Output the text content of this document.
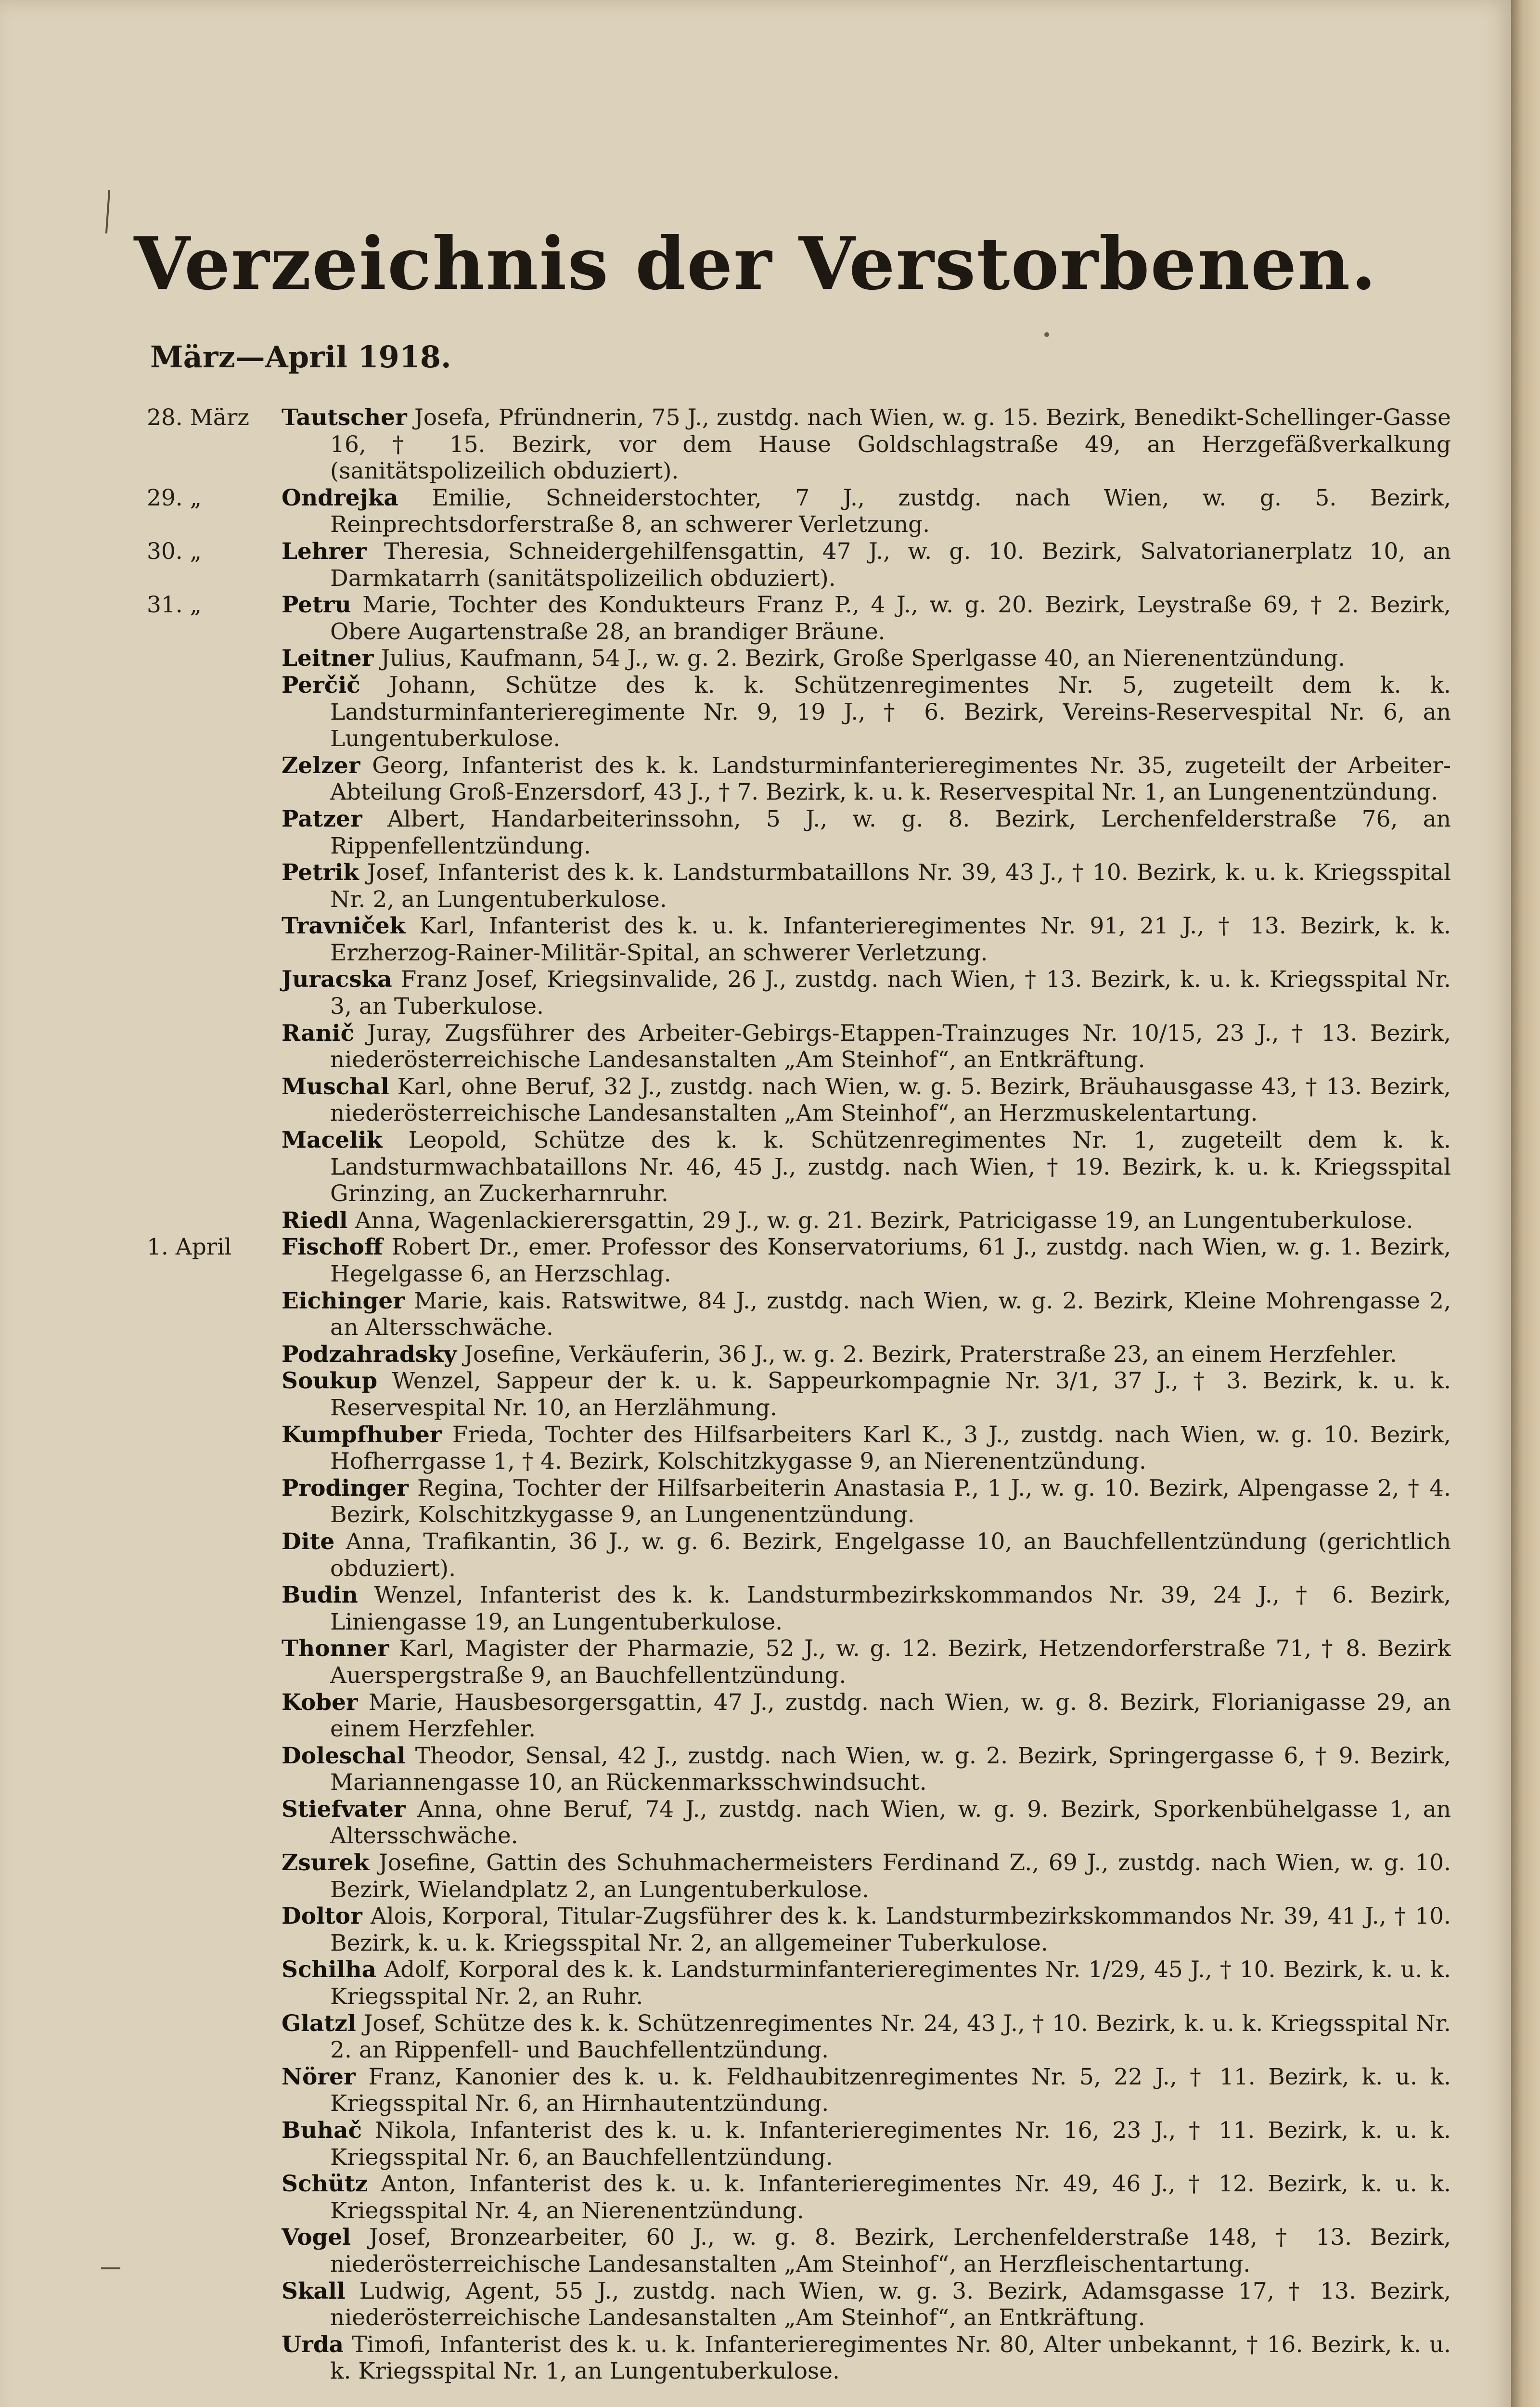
Verzeichnis der Verstorbenen.
März—April 1918.
28. März	Tautscher Josefa, Pfründnerin, 75 J., zustdg. nach Wien, w. g. 15. Bezirk, Benedikt-Schellinger-Gasse 16, † 15. Bezirk, vor dem Hause Goldschlagstraße 49, an Herzgefäßverkalkung (sanitätspolizeilich obduziert).
29. „	Ondrejka Emilie, Schneiderstochter, 7 J., zustdg. nach Wien, w. g. 5. Bezirk, Reinprechtsdorferstraße 8, an schwerer Verletzung.
30. „	Lehrer Theresia, Schneidergehilfensgattin, 47 J., w. g. 10. Bezirk, Salvatorianerplatz 10, an Darmkatarrh (sanitätspolizeilich obduziert).
31. „	Petru Marie, Tochter des Kondukteurs Franz P., 4 J., w. g. 20. Bezirk, Leystraße 69, † 2. Bezirk, Obere Augartenstraße 28, an brandiger Bräune.
Leitner Julius, Kaufmann, 54 J., w. g. 2. Bezirk, Große Sperlgasse 40, an Nierenentzündung.
Perčič Johann, Schütze des k. k. Schützenregimentes Nr. 5, zugeteilt dem k. k. Landsturminfanterieregimente Nr. 9, 19 J., † 6. Bezirk, Vereins-Reservespital Nr. 6, an Lungentuberkulose.
Zelzer Georg, Infanterist des k. k. Landsturminfanterieregimentes Nr. 35, zugeteilt der Arbeiter-Abteilung Groß-Enzersdorf, 43 J., † 7. Bezirk, k. u. k. Reservespital Nr. 1, an Lungenentzündung.
Patzer Albert, Handarbeiterinssohn, 5 J., w. g. 8. Bezirk, Lerchenfelderstraße 76, an Rippenfellentzündung.
Petrik Josef, Infanterist des k. k. Landsturmbataillons Nr. 39, 43 J., † 10. Bezirk, k. u. k. Kriegsspital Nr. 2, an Lungentuberkulose.
Travniček Karl, Infanterist des k. u. k. Infanterieregimentes Nr. 91, 21 J., † 13. Bezirk, k. k. Erzherzog-Rainer-Militär-Spital, an schwerer Verletzung.
Juracska Franz Josef, Kriegsinvalide, 26 J., zustdg. nach Wien, † 13. Bezirk, k. u. k. Kriegsspital Nr. 3, an Tuberkulose.
Ranič Juray, Zugsführer des Arbeiter-Gebirgs-Etappen-Trainzuges Nr. 10/15, 23 J., † 13. Bezirk, niederösterreichische Landesanstalten „Am Steinhof“, an Entkräftung.
Muschal Karl, ohne Beruf, 32 J., zustdg. nach Wien, w. g. 5. Bezirk, Bräuhausgasse 43, † 13. Bezirk, niederösterreichische Landesanstalten „Am Steinhof“, an Herzmuskelentartung.
Macelik Leopold, Schütze des k. k. Schützenregimentes Nr. 1, zugeteilt dem k. k. Landsturmwachbataillons Nr. 46, 45 J., zustdg. nach Wien, † 19. Bezirk, k. u. k. Kriegsspital Grinzing, an Zuckerharnruhr.
Riedl Anna, Wagenlackierersgattin, 29 J., w. g. 21. Bezirk, Patricigasse 19, an Lungentuberkulose.
1. April	Fischoff Robert Dr., emer. Professor des Konservatoriums, 61 J., zustdg. nach Wien, w. g. 1. Bezirk, Hegelgasse 6, an Herzschlag.
Eichinger Marie, kais. Ratswitwe, 84 J., zustdg. nach Wien, w. g. 2. Bezirk, Kleine Mohrengasse 2, an Altersschwäche.
Podzahradsky Josefine, Verkäuferin, 36 J., w. g. 2. Bezirk, Praterstraße 23, an einem Herzfehler.
Soukup Wenzel, Sappeur der k. u. k. Sappeurkompagnie Nr. 3/1, 37 J., † 3. Bezirk, k. u. k. Reservespital Nr. 10, an Herzlähmung.
Kumpfhuber Frieda, Tochter des Hilfsarbeiters Karl K., 3 J., zustdg. nach Wien, w. g. 10. Bezirk, Hofherrgasse 1, † 4. Bezirk, Kolschitzkygasse 9, an Nierenentzündung.
Prodinger Regina, Tochter der Hilfsarbeiterin Anastasia P., 1 J., w. g. 10. Bezirk, Alpengasse 2, † 4. Bezirk, Kolschitzkygasse 9, an Lungenentzündung.
Dite Anna, Trafikantin, 36 J., w. g. 6. Bezirk, Engelgasse 10, an Bauchfellentzündung (gerichtlich obduziert).
Budin Wenzel, Infanterist des k. k. Landsturmbezirkskommandos Nr. 39, 24 J., † 6. Bezirk, Liniengasse 19, an Lungentuberkulose.
Thonner Karl, Magister der Pharmazie, 52 J., w. g. 12. Bezirk, Hetzendorferstraße 71, † 8. Bezirk Auerspergstraße 9, an Bauchfellentzündung.
Kober Marie, Hausbesorgersgattin, 47 J., zustdg. nach Wien, w. g. 8. Bezirk, Florianigasse 29, an einem Herzfehler.
Doleschal Theodor, Sensal, 42 J., zustdg. nach Wien, w. g. 2. Bezirk, Springergasse 6, † 9. Bezirk, Mariannengasse 10, an Rückenmarksschwindsucht.
Stiefvater Anna, ohne Beruf, 74 J., zustdg. nach Wien, w. g. 9. Bezirk, Sporkenbühelgasse 1, an Altersschwäche.
Zsurek Josefine, Gattin des Schuhmachermeisters Ferdinand Z., 69 J., zustdg. nach Wien, w. g. 10. Bezirk, Wielandplatz 2, an Lungentuberkulose.
Doltor Alois, Korporal, Titular-Zugsführer des k. k. Landsturmbezirkskommandos Nr. 39, 41 J., † 10. Bezirk, k. u. k. Kriegsspital Nr. 2, an allgemeiner Tuberkulose.
Schilha Adolf, Korporal des k. k. Landsturminfanterieregimentes Nr. 1/29, 45 J., † 10. Bezirk, k. u. k. Kriegsspital Nr. 2, an Ruhr.
Glatzl Josef, Schütze des k. k. Schützenregimentes Nr. 24, 43 J., † 10. Bezirk, k. u. k. Kriegsspital Nr. 2. an Rippenfell- und Bauchfellentzündung.
Nörer Franz, Kanonier des k. u. k. Feldhaubitzenregimentes Nr. 5, 22 J., † 11. Bezirk, k. u. k. Kriegsspital Nr. 6, an Hirnhautentzündung.
Buhač Nikola, Infanterist des k. u. k. Infanterieregimentes Nr. 16, 23 J., † 11. Bezirk, k. u. k. Kriegsspital Nr. 6, an Bauchfellentzündung.
Schütz Anton, Infanterist des k. u. k. Infanterieregimentes Nr. 49, 46 J., † 12. Bezirk, k. u. k. Kriegsspital Nr. 4, an Nierenentzündung.
Vogel Josef, Bronzearbeiter, 60 J., w. g. 8. Bezirk, Lerchenfelderstraße 148, † 13. Bezirk, niederösterreichische Landesanstalten „Am Steinhof“, an Herzfleischentartung.
Skall Ludwig, Agent, 55 J., zustdg. nach Wien, w. g. 3. Bezirk, Adamsgasse 17, † 13. Bezirk, niederösterreichische Landesanstalten „Am Steinhof“, an Entkräftung.
Urda Timofi, Infanterist des k. u. k. Infanterieregimentes Nr. 80, Alter unbekannt, † 16. Bezirk, k. u. k. Kriegsspital Nr. 1, an Lungentuberkulose.
